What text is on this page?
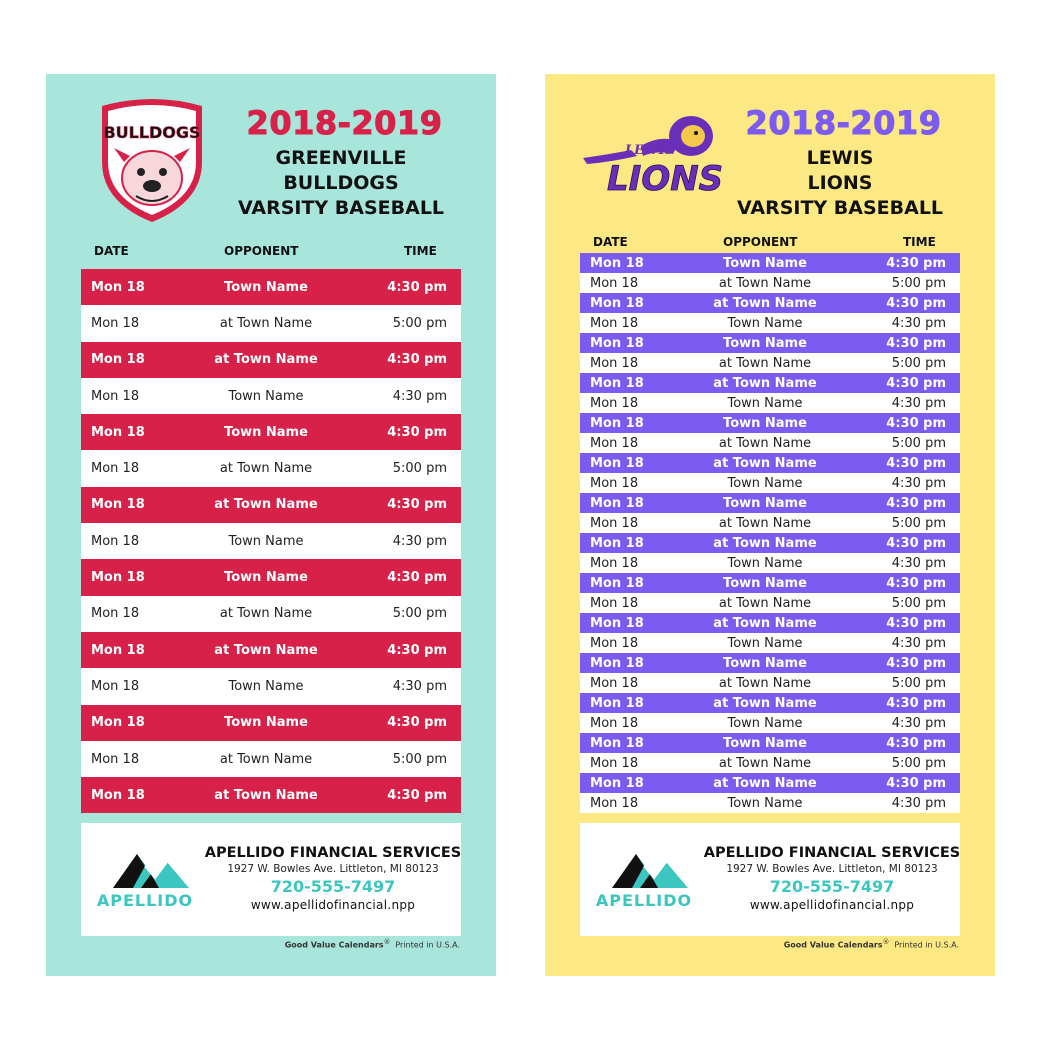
BULLDOGS	2018-2019
GREENVILLE
BULLDOGS
VARSITY BASEBALL
DATE	OPPONENT	TIME
Mon 18	Town Name	4:30 pm
Mon 18	at Town Name	5:00 pm
Mon 18	at Town Name	4:30 pm
Mon 18	Town Name	4:30 pm
Mon 18	Town Name	4:30 pm
Mon 18	at Town Name	5:00 pm
Mon 18	at Town Name	4:30 pm
Mon 18	Town Name	4:30 pm
Mon 18	Town Name	4:30 pm
Mon 18	at Town Name	5:00 pm
Mon 18	at Town Name	4:30 pm
Mon 18	Town Name	4:30 pm
Mon 18	Town Name	4:30 pm
Mon 18	at Town Name	5:00 pm
Mon 18	at Town Name	4:30 pm
APELLIDO
APELLIDO FINANCIAL SERVICES
1927 W. Bowles Ave. Littleton, MI 80123
720-555-7497
www.apellidofinancial.npp
Good Value Calendars® Printed in U.S.A.
LEWIS
LIONS
2018-2019
LEWIS
LIONS
VARSITY BASEBALL
DATE	OPPONENT	TIME
Mon 18	Town Name	4:30 pm
Mon 18	at Town Name	5:00 pm
Mon 18	at Town Name	4:30 pm
Mon 18	Town Name	4:30 pm
Mon 18	Town Name	4:30 pm
Mon 18	at Town Name	5:00 pm
Mon 18	at Town Name	4:30 pm
Mon 18	Town Name	4:30 pm
Mon 18	Town Name	4:30 pm
Mon 18	at Town Name	5:00 pm
Mon 18	at Town Name	4:30 pm
Mon 18	Town Name	4:30 pm
Mon 18	Town Name	4:30 pm
Mon 18	at Town Name	5:00 pm
Mon 18	at Town Name	4:30 pm
Mon 18	Town Name	4:30 pm
Mon 18	Town Name	4:30 pm
Mon 18	at Town Name	5:00 pm
Mon 18	at Town Name	4:30 pm
Mon 18	Town Name	4:30 pm
Mon 18	Town Name	4:30 pm
Mon 18	at Town Name	5:00 pm
Mon 18	at Town Name	4:30 pm
Mon 18	Town Name	4:30 pm
Mon 18	Town Name	4:30 pm
Mon 18	at Town Name	5:00 pm
Mon 18	at Town Name	4:30 pm
Mon 18	Town Name	4:30 pm
APELLIDO
APELLIDO FINANCIAL SERVICES
1927 W. Bowles Ave. Littleton, MI 80123
720-555-7497
www.apellidofinancial.npp
Good Value Calendars® Printed in U.S.A.
